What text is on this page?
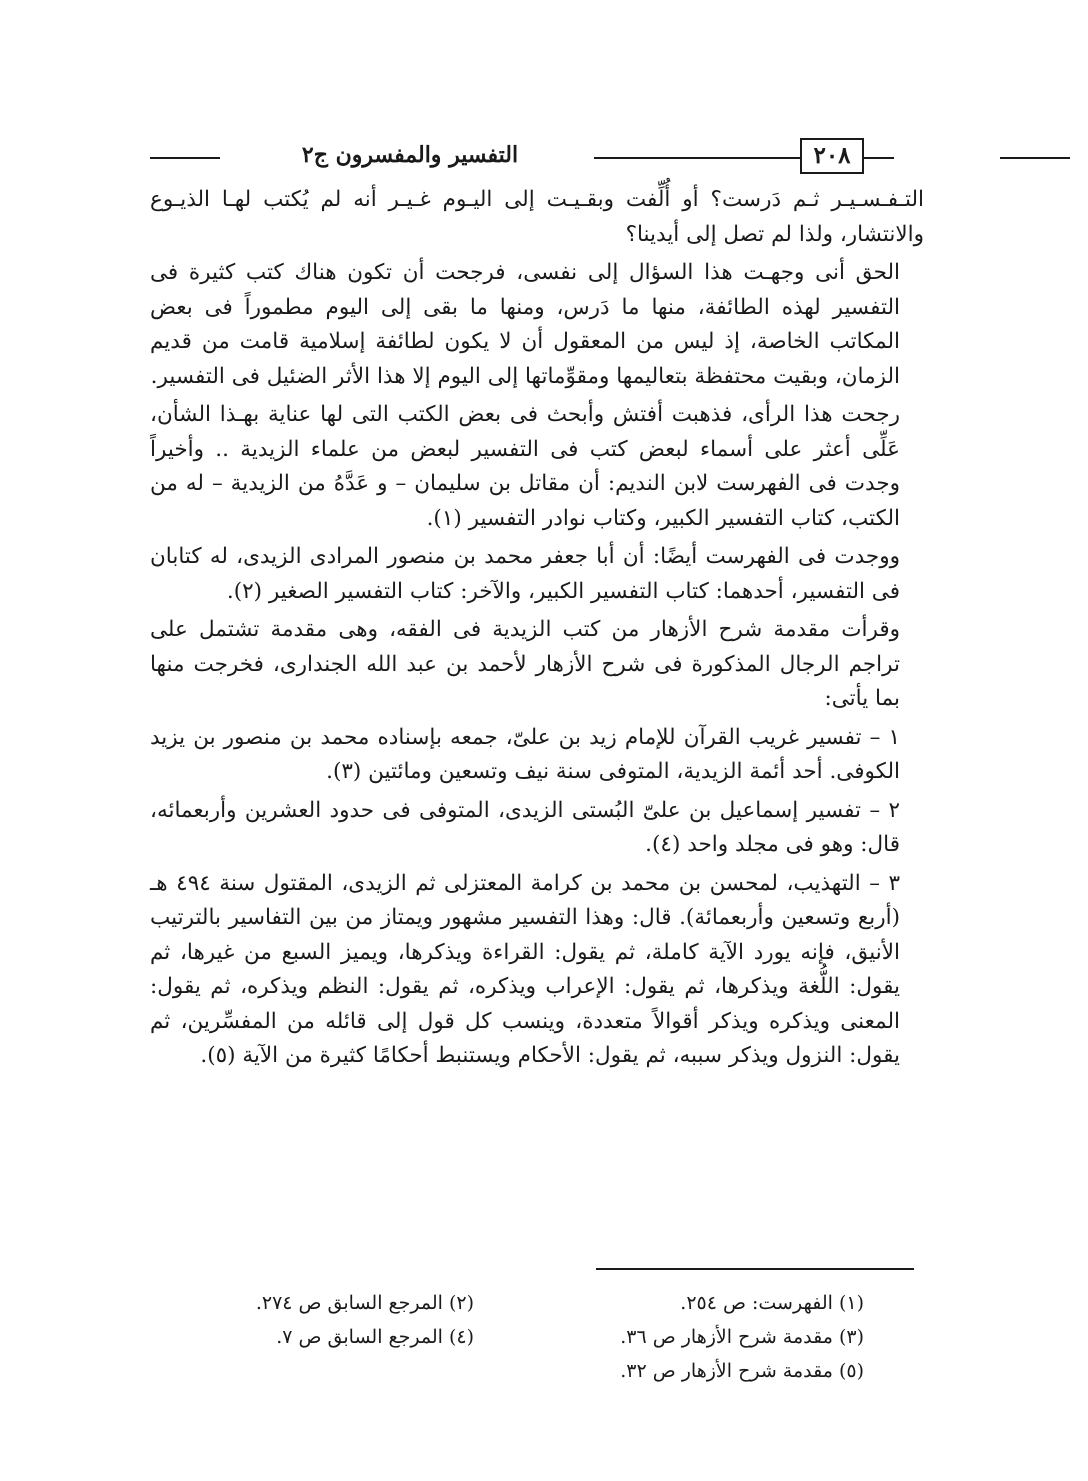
التفسير والمفسرون ج٢	٢٠٨

التـفـسـيـر ثـم دَرست؟ أو أُلِّفت وبقـيـت إلى اليـوم غـيـر أنه لم يُكتب لهـا الذيـوع والانتشار، ولذا لم تصل إلى أيدينا؟

الحق أنى وجهـت هذا السؤال إلى نفسى، فرجحت أن تكون هناك كتب كثيرة فى التفسير لهذه الطائفة، منها ما دَرس، ومنها ما بقى إلى اليوم مطموراً فى بعض المكاتب الخاصة، إذ ليس من المعقول أن لا يكون لطائفة إسلامية قامت من قديم الزمان، وبقيت محتفظة بتعاليمها ومقوِّماتها إلى اليوم إلا هذا الأثر الضئيل فى التفسير.

رجحت هذا الرأى، فذهبت أفتش وأبحث فى بعض الكتب التى لها عناية بهـذا الشأن، عَلِّى أعثر على أسماء لبعض كتب فى التفسير لبعض من علماء الزيدية .. وأخيراً وجدت فى الفهرست لابن النديم: أن مقاتل بن سليمان – و عَدَّهُ من الزيدية – له من الكتب، كتاب التفسير الكبير، وكتاب نوادر التفسير (١).

ووجدت فى الفهرست أيضًا: أن أبا جعفر محمد بن منصور المرادى الزيدى، له كتابان فى التفسير، أحدهما: كتاب التفسير الكبير، والآخر: كتاب التفسير الصغير (٢).

وقرأت مقدمة شرح الأزهار من كتب الزيدية فى الفقه، وهى مقدمة تشتمل على تراجم الرجال المذكورة فى شرح الأزهار لأحمد بن عبد الله الجندارى، فخرجت منها بما يأتى:

١ – تفسير غريب القرآن للإمام زيد بن علىّ، جمعه بإسناده محمد بن منصور بن يزيد الكوفى. أحد أئمة الزيدية، المتوفى سنة نيف وتسعين ومائتين (٣).

٢ – تفسير إسماعيل بن علىّ البُستى الزيدى، المتوفى فى حدود العشرين وأربعمائه، قال: وهو فى مجلد واحد (٤).

٣ – التهذيب، لمحسن بن محمد بن كرامة المعتزلى ثم الزيدى، المقتول سنة ٤٩٤ هـ (أربع وتسعين وأربعمائة). قال: وهذا التفسير مشهور ويمتاز من بين التفاسير بالترتيب الأنيق، فإنه يورد الآية كاملة، ثم يقول: القراءة ويذكرها، ويميز السبع من غيرها، ثم يقول: اللُّغة ويذكرها، ثم يقول: الإعراب ويذكره، ثم يقول: النظم ويذكره، ثم يقول: المعنى ويذكره ويذكر أقوالاً متعددة، وينسب كل قول إلى قائله من المفسِّرين، ثم يقول: النزول ويذكر سببه، ثم يقول: الأحكام ويستنبط أحكامًا كثيرة من الآية (٥).

(١) الفهرست: ص ٢٥٤.
(٢) المرجع السابق ص ٢٧٤.
(٣) مقدمة شرح الأزهار ص ٣٦.
(٤) المرجع السابق ص ٧.
(٥) مقدمة شرح الأزهار ص ٣٢.
